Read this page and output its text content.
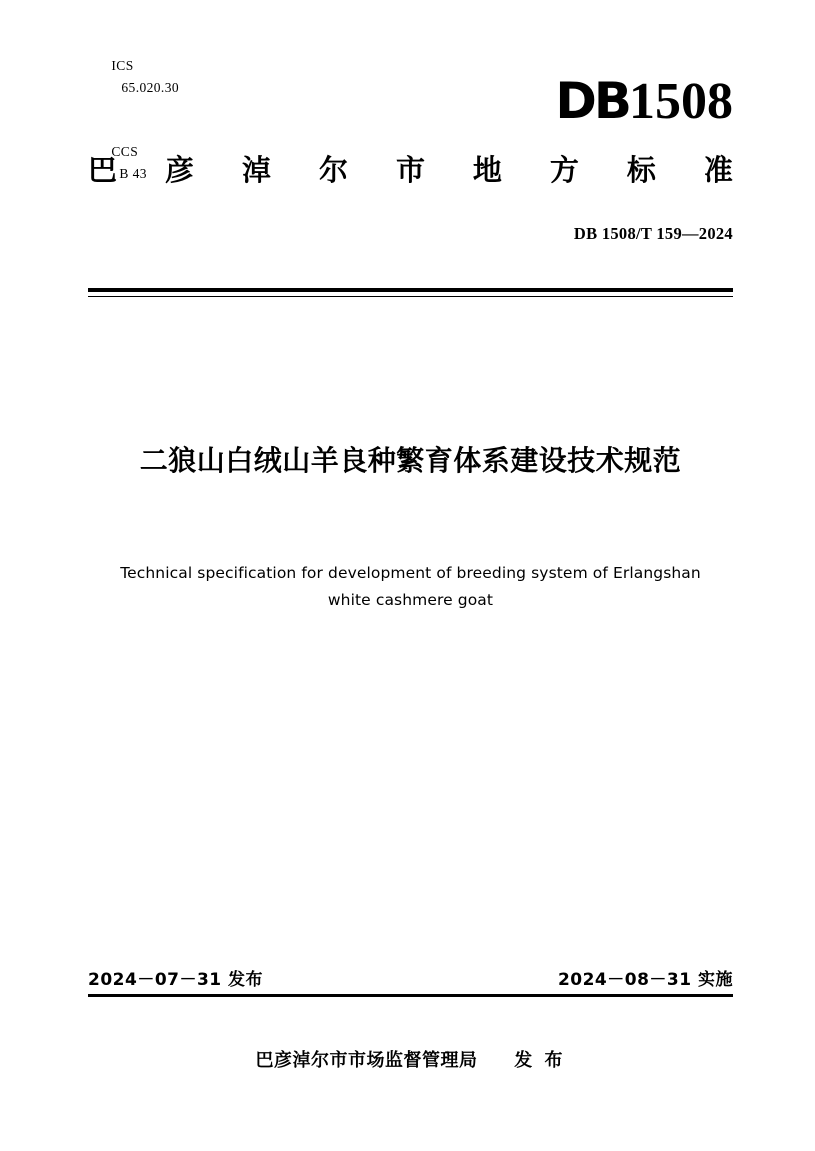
ICS
65.020.30

CCS
B 43

DB1508
巴 彦 淖 尔 市 地 方 标 准
DB 1508/T 159—2024
二狼山白绒山羊良种繁育体系建设技术规范
Technical specification for development of breeding system of Erlangshan
white cashmere goat
2024－07－31 发布	2024－08－31 实施
巴彦淖尔市市场监督管理局 发 布
